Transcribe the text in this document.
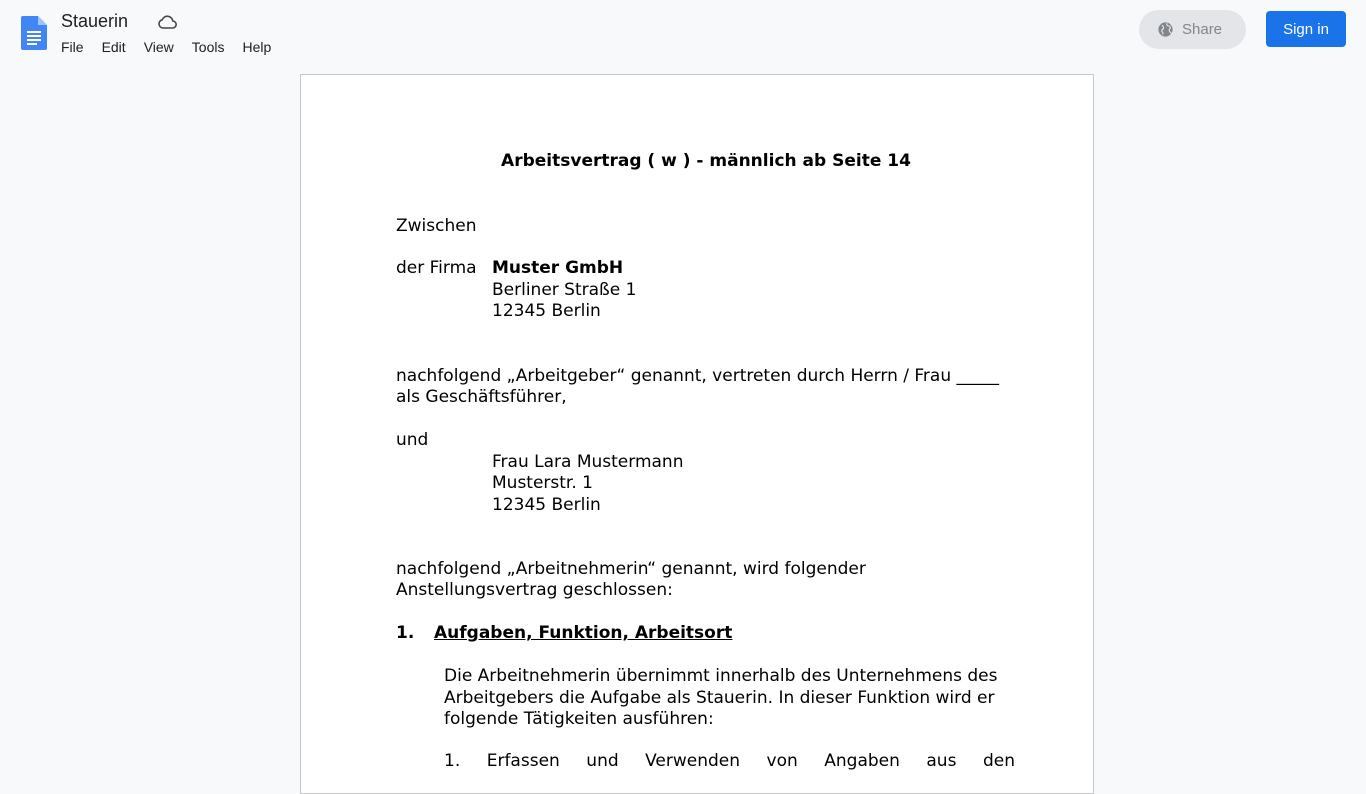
Stauerin
File	Edit	View	Tools	Help
Share	Sign in
Arbeitsvertrag ( w ) - männlich ab Seite 14
Zwischen
der Firma Muster GmbH
Berliner Straße 1
12345 Berlin
nachfolgend „Arbeitgeber“ genannt, vertreten durch Herrn / Frau _____
als Geschäftsführer,
und
Frau Lara Mustermann
Musterstr. 1
12345 Berlin
nachfolgend „Arbeitnehmerin“ genannt, wird folgender
Anstellungsvertrag geschlossen:
1. Aufgaben, Funktion, Arbeitsort
Die Arbeitnehmerin übernimmt innerhalb des Unternehmens des
Arbeitgebers die Aufgabe als Stauerin. In dieser Funktion wird er
folgende Tätigkeiten ausführen:
1. Erfassen und Verwenden von Angaben aus den
